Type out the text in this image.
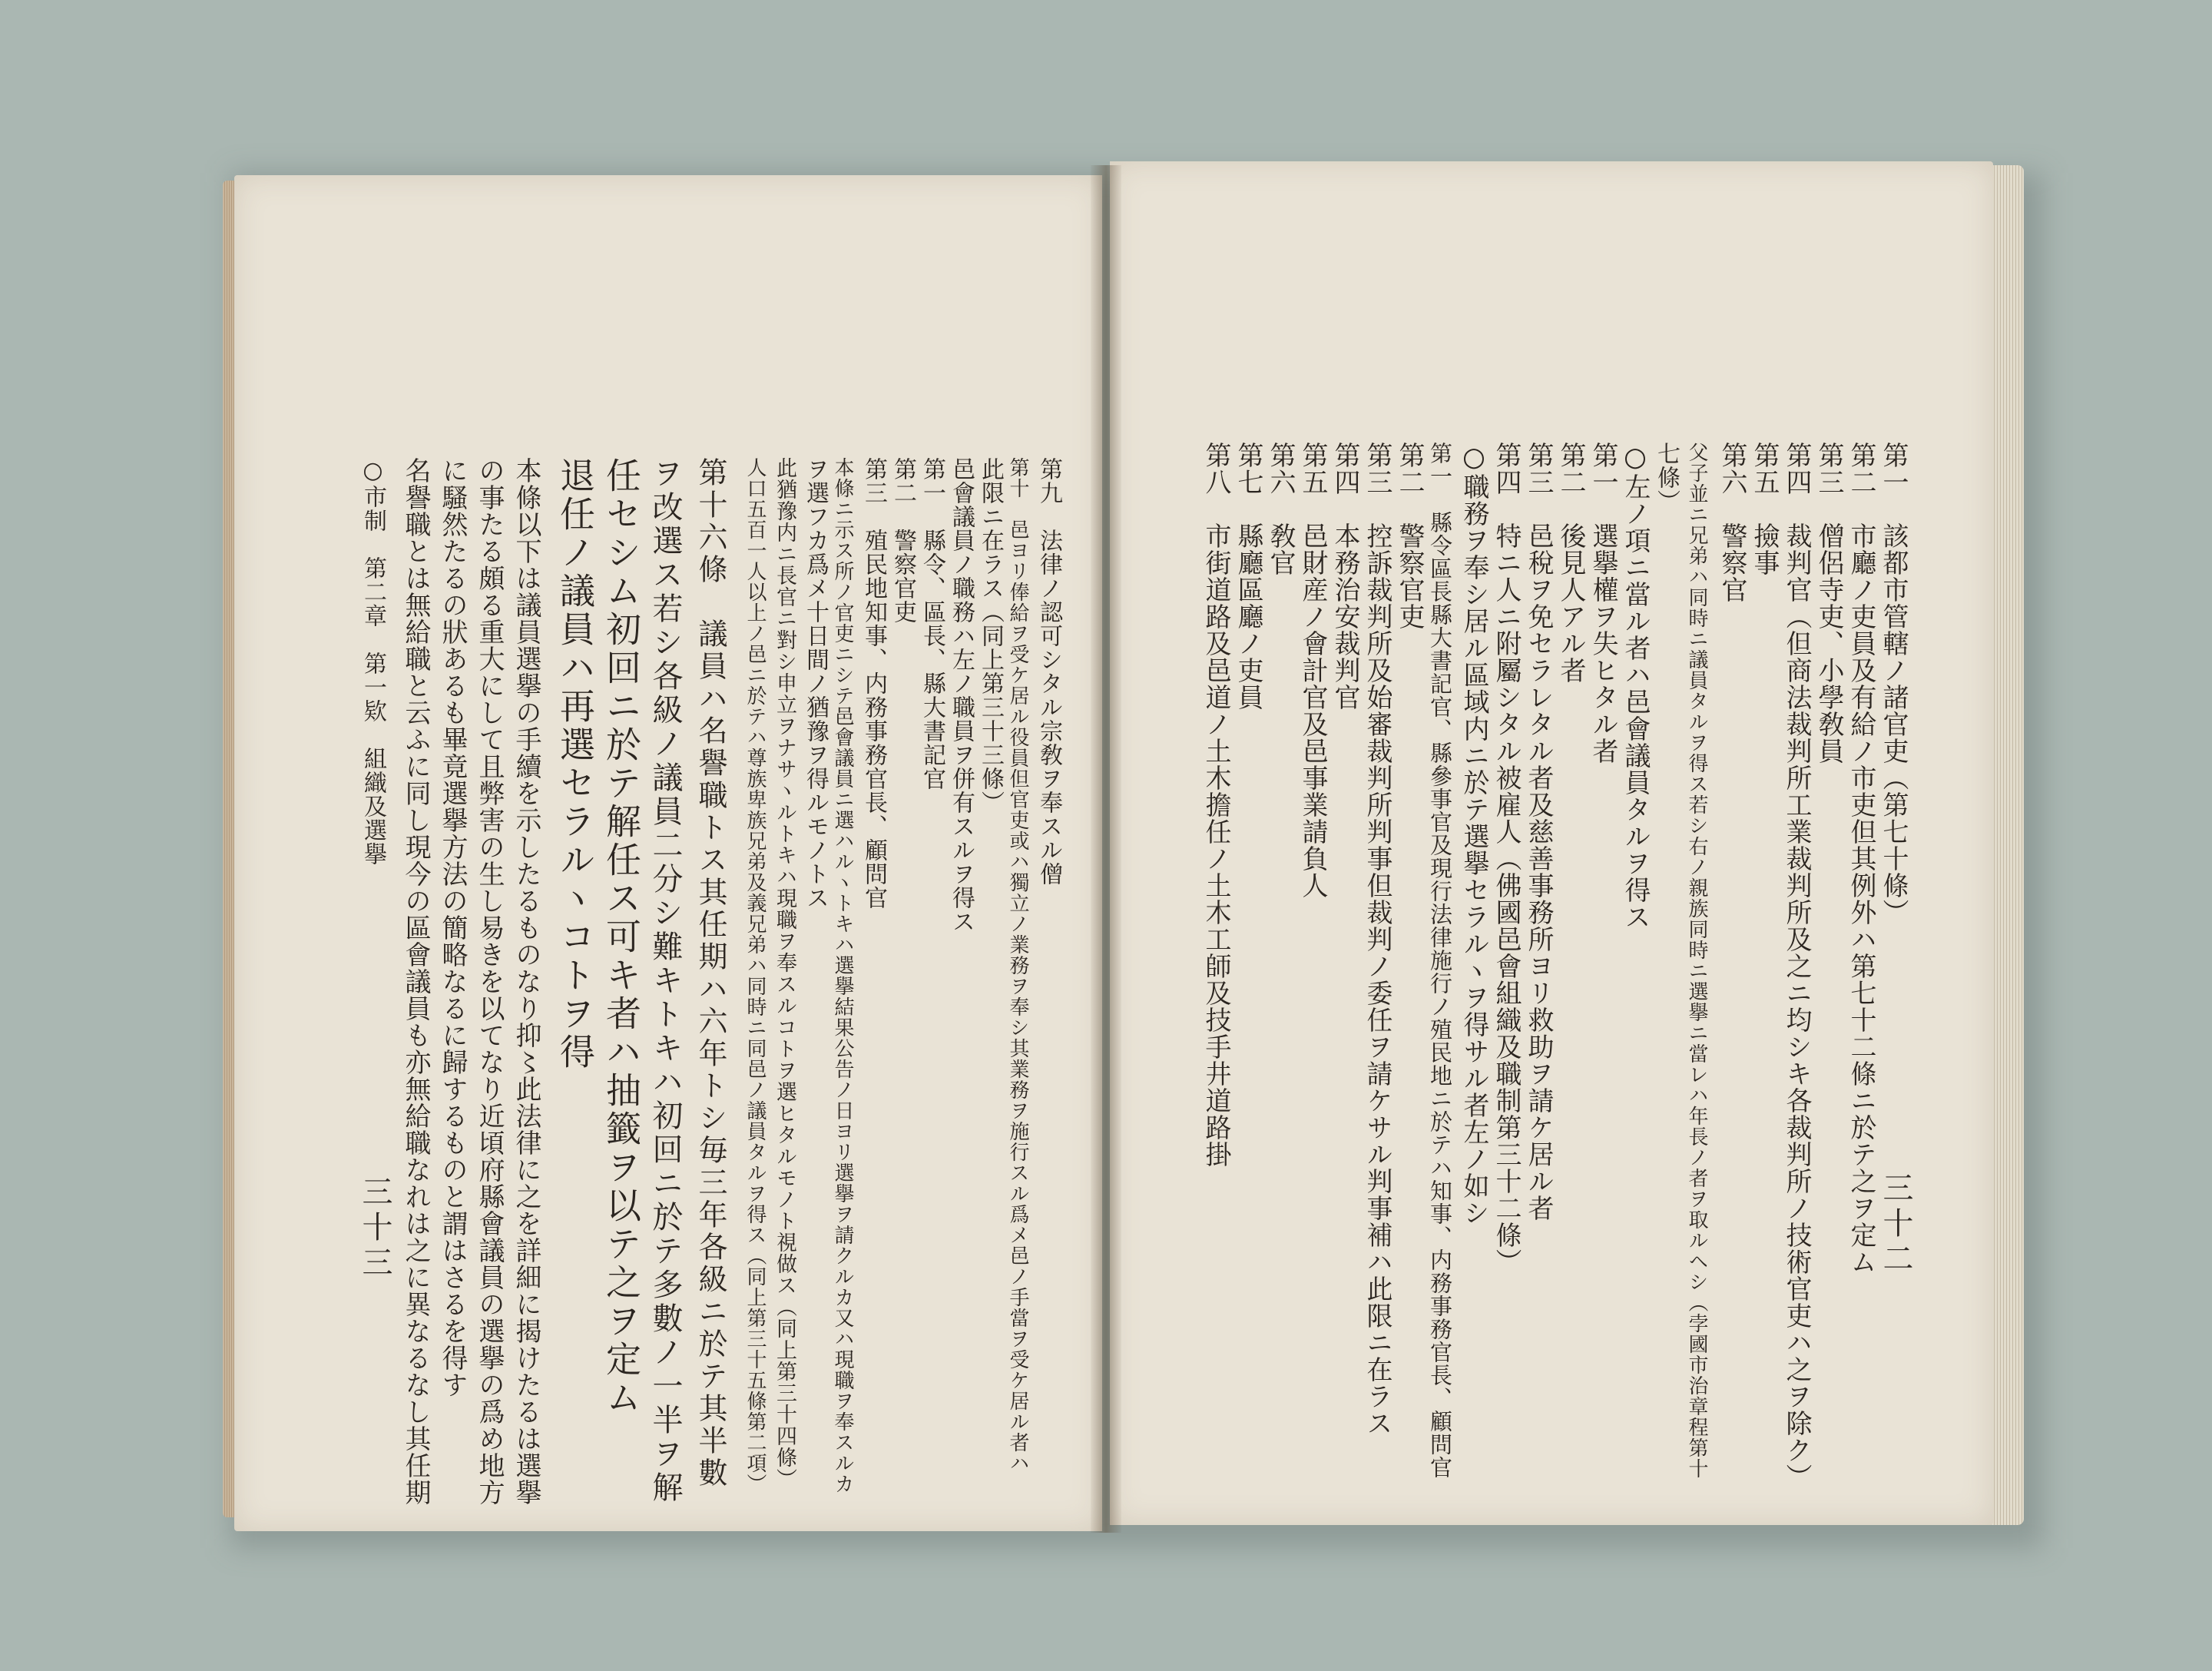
第一　該都市管轄ノ諸官吏（第七十條）
第二　市廳ノ吏員及有給ノ市吏但其例外ハ第七十二條ニ於テ之ヲ定ム
第三　僧侶寺吏、小學敎員
第四　裁判官（但商法裁判所工業裁判所及之ニ均シキ各裁判所ノ技術官吏ハ之ヲ除ク）
第五　撿事
第六　警察官
父子並ニ兄弟ハ同時ニ議員タルヲ得ス若シ右ノ親族同時ニ選擧ニ當レハ年長ノ者ヲ取ルヘシ（孛國市治章程第十
七條）
○左ノ項ニ當ル者ハ邑會議員タルヲ得ス
第一　選擧權ヲ失ヒタル者
第二　後見人アル者
第三　邑稅ヲ免セラレタル者及慈善事務所ヨリ救助ヲ請ケ居ル者
第四　特ニ人ニ附屬シタル被雇人（佛國邑會組織及職制第三十二條）
○職務ヲ奉シ居ル區域内ニ於テ選擧セラルヽヲ得サル者左ノ如シ
第一　縣令區長縣大書記官、縣參事官及現行法律施行ノ殖民地ニ於テハ知事、内務事務官長、顧問官
第二　警察官吏
第三　控訴裁判所及始審裁判所判事但裁判ノ委任ヲ請ケサル判事補ハ此限ニ在ラス
第四　本務治安裁判官
第五　邑財産ノ會計官及邑事業請負人
第六　敎官
第七　縣廳區廳ノ吏員
第八　市街道路及邑道ノ土木擔任ノ土木工師及技手井道路掛
三十二
第九　法律ノ認可シタル宗敎ヲ奉スル僧
第十　邑ヨリ俸給ヲ受ケ居ル役員但官吏或ハ獨立ノ業務ヲ奉シ其業務ヲ施行スル爲メ邑ノ手當ヲ受ケ居ル者ハ
此限ニ在ラス（同上第三十三條）
邑會議員ノ職務ハ左ノ職員ヲ併有スルヲ得ス
第一　縣令、區長、縣大書記官
第二　警察官吏
第三　殖民地知事、内務事務官長、顧問官
本條ニ示ス所ノ官吏ニシテ邑會議員ニ選ハルヽトキハ選擧結果公告ノ日ヨリ選擧ヲ請クルカ又ハ現職ヲ奉スルカ
ヲ選フカ爲メ十日間ノ猶豫ヲ得ルモノトス
此猶豫内ニ長官ニ對シ申立ヲナサヽルトキハ現職ヲ奉スルコトヲ選ヒタルモノト視做ス（同上第三十四條）
人口五百一人以上ノ邑ニ於テハ尊族卑族兄弟及義兄弟ハ同時ニ同邑ノ議員タルヲ得ス（同上第三十五條第二項）
第十六條　議員ハ名譽職トス其任期ハ六年トシ毎三年各級ニ於テ其半數
ヲ改選ス若シ各級ノ議員二分シ難キトキハ初回ニ於テ多數ノ一半ヲ解
任セシム初回ニ於テ解任ス可キ者ハ抽籤ヲ以テ之ヲ定ム
退任ノ議員ハ再選セラルヽコトヲ得
本條以下は議員選擧の手續を示したるものなり抑〻此法律に之を詳細に揭けたるは選擧
の事たる頗る重大にして且弊害の生し易きを以てなり近頃府縣會議員の選擧の爲め地方
に騷然たるの狀あるも畢竟選擧方法の簡略なるに歸するものと謂はさるを得す
名譽職とは無給職と云ふに同し現今の區會議員も亦無給職なれは之に異なるなし其任期
○市制　第二章　第一欵　組織及選擧
三十三
